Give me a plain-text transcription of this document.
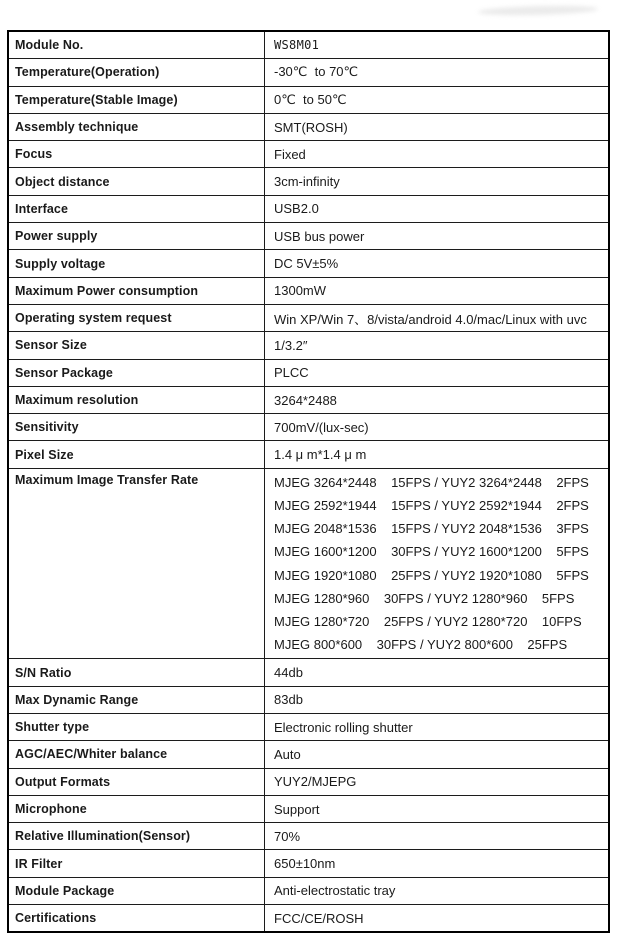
Module No.	WS8M01
Temperature(Operation)	-30℃  to 70℃
Temperature(Stable Image)	0℃  to 50℃
Assembly technique	SMT(ROSH)
Focus	Fixed
Object distance	3cm-infinity
Interface	USB2.0
Power supply	USB bus power
Supply voltage	DC 5V±5%
Maximum Power consumption	1300mW
Operating system request	Win XP/Win 7、8/vista/android 4.0/mac/Linux with uvc
Sensor Size	1/3.2″
Sensor Package	PLCC
Maximum resolution	3264*2488
Sensitivity	700mV/(lux-sec)
Pixel Size	1.4 μ m*1.4 μ m
Maximum Image Transfer Rate	MJEG 3264*2448    15FPS / YUY2 3264*2448    2FPS
MJEG 2592*1944    15FPS / YUY2 2592*1944    2FPS
MJEG 2048*1536    15FPS / YUY2 2048*1536    3FPS
MJEG 1600*1200    30FPS / YUY2 1600*1200    5FPS
MJEG 1920*1080    25FPS / YUY2 1920*1080    5FPS
MJEG 1280*960    30FPS / YUY2 1280*960    5FPS
MJEG 1280*720    25FPS / YUY2 1280*720    10FPS
MJEG 800*600    30FPS / YUY2 800*600    25FPS

S/N Ratio	44db
Max Dynamic Range	83db
Shutter type	Electronic rolling shutter
AGC/AEC/Whiter balance	Auto
Output Formats	YUY2/MJEPG
Microphone	Support
Relative Illumination(Sensor)	70%
IR Filter	650±10nm
Module Package	Anti-electrostatic tray
Certifications	FCC/CE/ROSH
